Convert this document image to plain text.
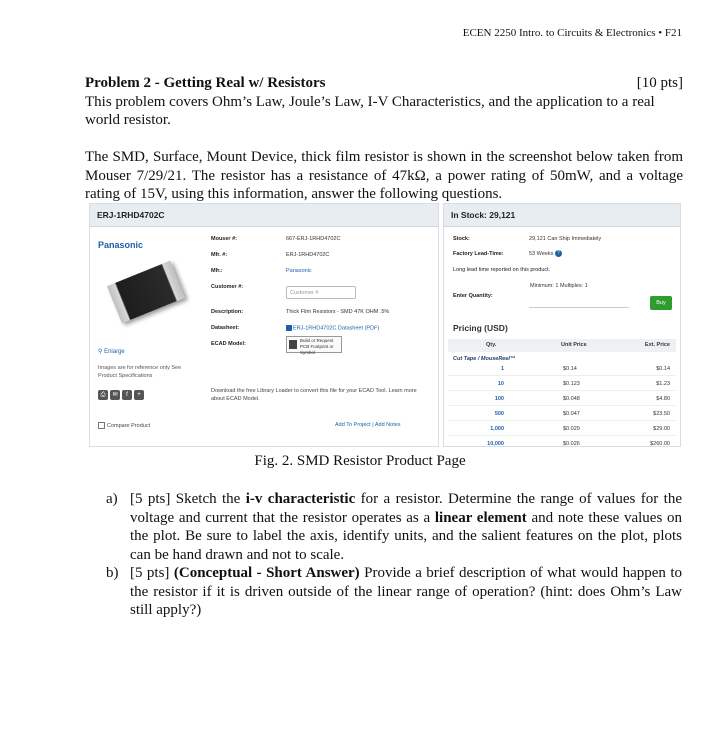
ECEN 2250 Intro. to Circuits & Electronics • F21
Problem 2 - Getting Real w/ Resistors	[10 pts]
This problem covers Ohm’s Law, Joule’s Law, I-V Characteristics, and the application to a real world resistor.
The SMD, Surface, Mount Device, thick film resistor is shown in the screenshot below taken from Mouser 7/29/21. The resistor has a resistance of 47kΩ, a power rating of 50mW, and a voltage rating of 15V, using this information, answer the following questions.
ERJ-1RHD4702C
Panasonic
⚲ Enlarge
Images are for reference only See Product Specifications
⎙	✉	f	+
Compare Product
Mouser #:	667-ERJ-1RHD4702C
Mfr. #:	ERJ-1RHD4702C
Mfr.:	Panasonic
Customer #:
Customer #
Description:	Thick Film Resistors - SMD 47K OHM .5%
Datasheet:	ERJ-1RHD4702C Datasheet (PDF)
ECAD Model:
Build or Request
PCB Footprint or Symbol
Download the free Library Loader to convert this file for your ECAD Tool. Learn more about ECAD Model.
Add To Project | Add Notes
In Stock: 29,121
Stock:	29,121 Can Ship Immediately
Factory Lead-Time:	53 Weeks ?
Long lead time reported on this product.
Minimum: 1 Multiples: 1
Enter Quantity:
Buy
Pricing (USD)
Qty.	Unit Price	Ext. Price
Cut Tape / MouseReel™
1	$0.14	$0.14
10	$0.123	$1.23
100	$0.048	$4.80
500	$0.047	$23.50
1,000	$0.029	$29.00
10,000	$0.026	$260.00
Fig. 2. SMD Resistor Product Page
a) [5 pts] Sketch the i-v characteristic for a resistor. Determine the range of values for the voltage and current that the resistor operates as a linear element and note these values on the plot. Be sure to label the axis, identify units, and the salient features on the plot, plots can be hand drawn and not to scale.
b) [5 pts] (Conceptual - Short Answer) Provide a brief description of what would happen to the resistor if it is driven outside of the linear range of operation? (hint: does Ohm’s Law still apply?)
